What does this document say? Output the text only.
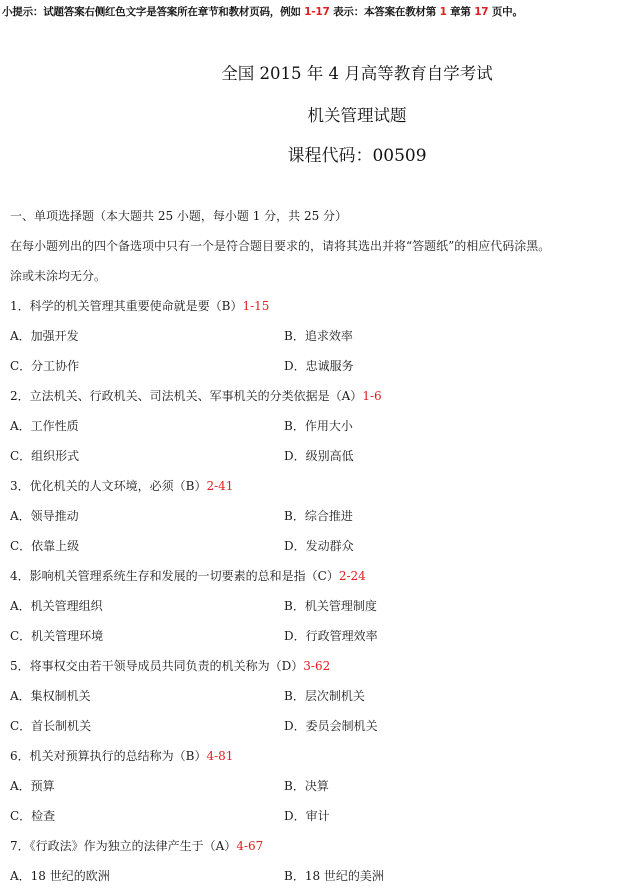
小提示：试题答案右侧红色文字是答案所在章节和教材页码，例如 1-17 表示：本答案在教材第 1 章第 17 页中。
全国 2015 年 4 月高等教育自学考试
机关管理试题
课程代码：00509
一、单项选择题（本大题共 25 小题，每小题 1 分，共 25 分）
在每小题列出的四个备选项中只有一个是符合题目要求的，请将其选出并将“答题纸”的相应代码涂黑。
涂或未涂均无分。
1．科学的机关管理其重要使命就是要（B）1-15
A．加强开发	B．追求效率
C．分工协作	D．忠诚服务
2．立法机关、行政机关、司法机关、军事机关的分类依据是（A）1-6
A．工作性质	B．作用大小
C．组织形式	D．级别高低
3．优化机关的人文环境，必须（B）2-41
A．领导推动	B．综合推进
C．依靠上级	D．发动群众
4．影响机关管理系统生存和发展的一切要素的总和是指（C）2-24
A．机关管理组织	B．机关管理制度
C．机关管理环境	D．行政管理效率
5．将事权交由若干领导成员共同负责的机关称为（D）3-62
A．集权制机关	B．层次制机关
C．首长制机关	D．委员会制机关
6．机关对预算执行的总结称为（B）4-81
A．预算	B．决算
C．检查	D．审计
7．《行政法》作为独立的法律产生于（A）4-67
A．18 世纪的欧洲	B．18 世纪的美洲
